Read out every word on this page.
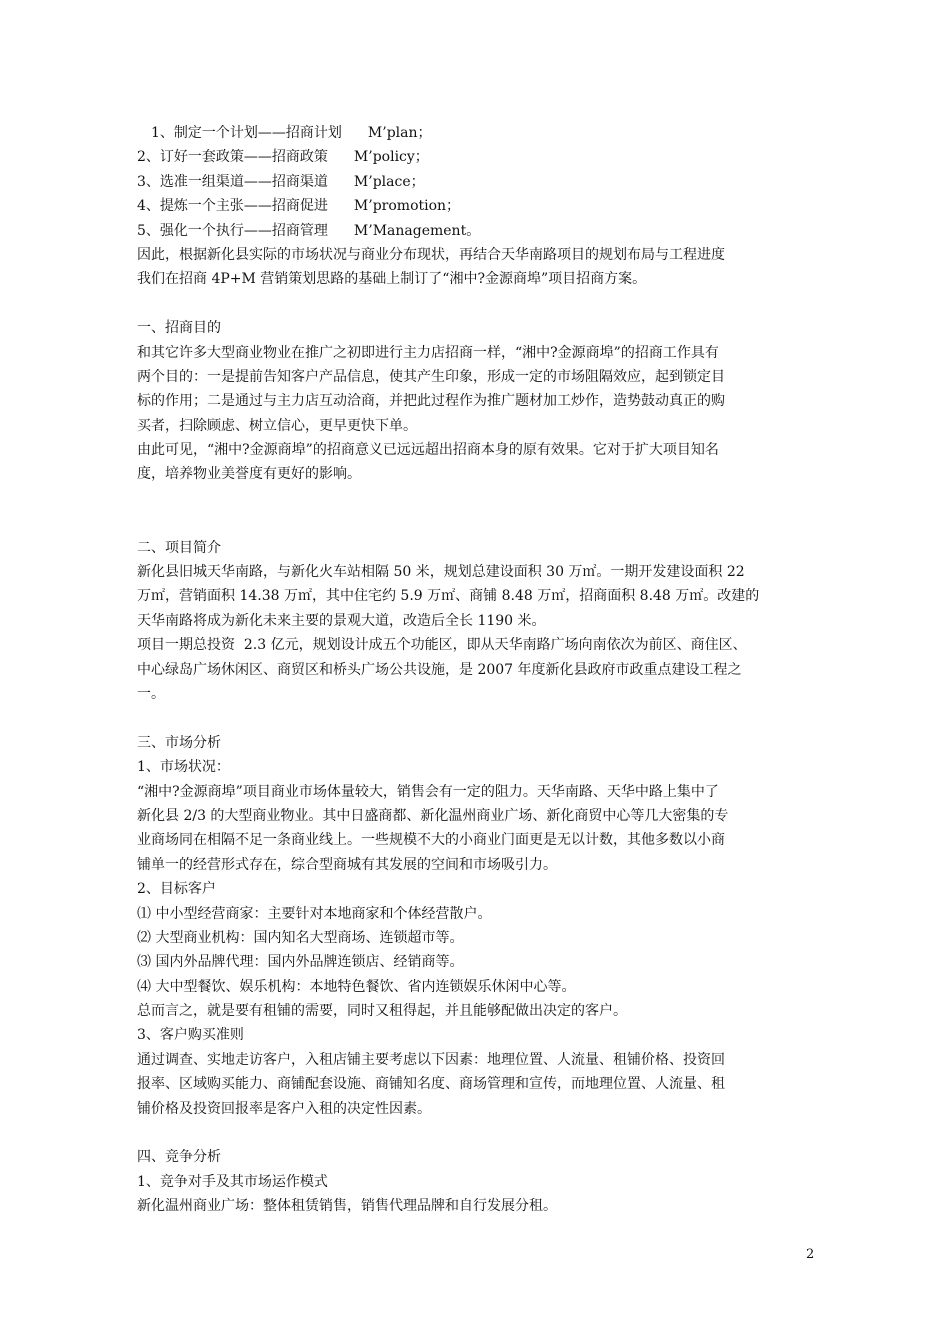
1、制定一个计划——招商计划 M’plan；
2、订好一套政策——招商政策 M’policy；
3、选准一组渠道——招商渠道 M’place；
4、提炼一个主张——招商促进 M’promotion；
5、强化一个执行——招商管理 M’Management。
因此，根据新化县实际的市场状况与商业分布现状，再结合天华南路项目的规划布局与工程进度
我们在招商 4P+M 营销策划思路的基础上制订了“湘中?金源商埠”项目招商方案。
一、招商目的
和其它许多大型商业物业在推广之初即进行主力店招商一样，“湘中?金源商埠”的招商工作具有
两个目的：一是提前告知客户产品信息，使其产生印象，形成一定的市场阻隔效应，起到锁定目
标的作用；二是通过与主力店互动洽商，并把此过程作为推广题材加工炒作，造势鼓动真正的购
买者，扫除顾虑、树立信心，更早更快下单。
由此可见，“湘中?金源商埠”的招商意义已远远超出招商本身的原有效果。它对于扩大项目知名
度，培养物业美誉度有更好的影响。
二、项目简介
新化县旧城天华南路，与新化火车站相隔 50 米，规划总建设面积 30 万㎡。一期开发建设面积 22
万㎡，营销面积 14.38 万㎡，其中住宅约 5.9 万㎡、商铺 8.48 万㎡，招商面积 8.48 万㎡。改建的
天华南路将成为新化未来主要的景观大道，改造后全长 1190 米。
项目一期总投资  2.3 亿元，规划设计成五个功能区，即从天华南路广场向南依次为前区、商住区、
中心绿岛广场休闲区、商贸区和桥头广场公共设施，是 2007 年度新化县政府市政重点建设工程之
一。
三、市场分析
1、市场状况：
“湘中?金源商埠”项目商业市场体量较大，销售会有一定的阻力。天华南路、天华中路上集中了
新化县 2/3 的大型商业物业。其中日盛商都、新化温州商业广场、新化商贸中心等几大密集的专
业商场同在相隔不足一条商业线上。一些规模不大的小商业门面更是无以计数，其他多数以小商
铺单一的经营形式存在，综合型商城有其发展的空间和市场吸引力。
2、目标客户
⑴ 中小型经营商家：主要针对本地商家和个体经营散户。
⑵ 大型商业机构：国内知名大型商场、连锁超市等。
⑶ 国内外品牌代理：国内外品牌连锁店、经销商等。
⑷ 大中型餐饮、娱乐机构：本地特色餐饮、省内连锁娱乐休闲中心等。
总而言之，就是要有租铺的需要，同时又租得起，并且能够配做出决定的客户。
3、客户购买准则
通过调查、实地走访客户，入租店铺主要考虑以下因素：地理位置、人流量、租铺价格、投资回
报率、区域购买能力、商铺配套设施、商铺知名度、商场管理和宣传，而地理位置、人流量、租
铺价格及投资回报率是客户入租的决定性因素。
四、竞争分析
1、竞争对手及其市场运作模式
新化温州商业广场：整体租赁销售，销售代理品牌和自行发展分租。
2
